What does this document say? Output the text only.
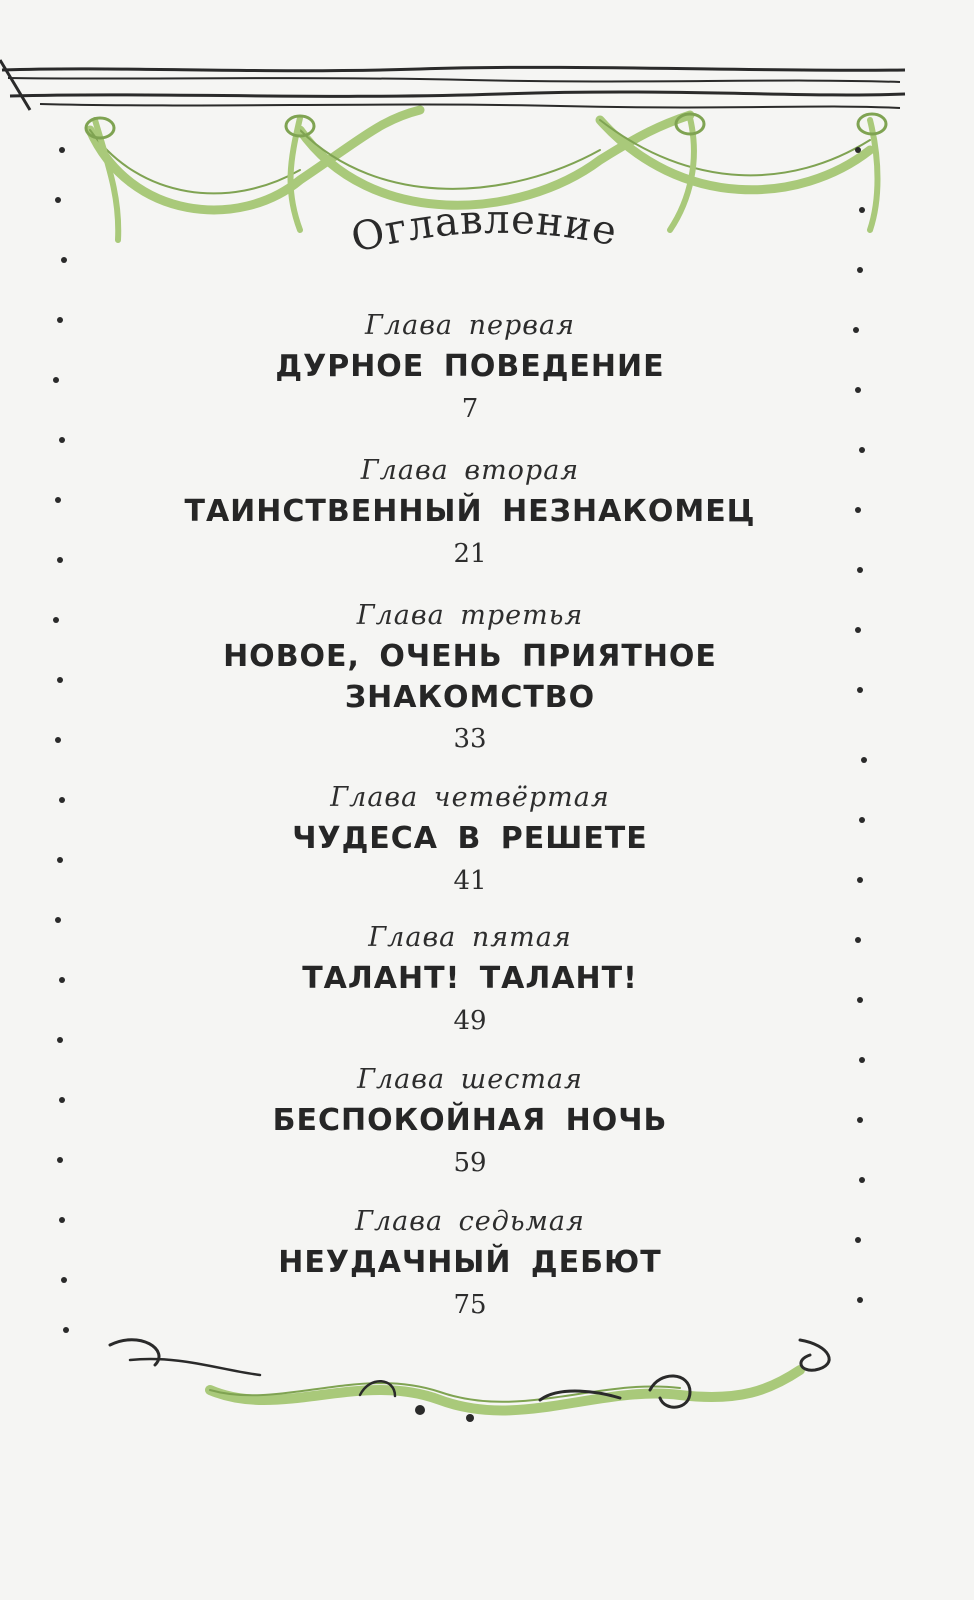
Оглавление
Глава первая
ДУРНОЕ ПОВЕДЕНИЕ
7
Глава вторая
ТАИНСТВЕННЫЙ НЕЗНАКОМЕЦ
21
Глава третья
НОВОЕ, ОЧЕНЬ ПРИЯТНОЕ ЗНАКОМСТВО
33
Глава четвёртая
ЧУДЕСА В РЕШЕТЕ
41
Глава пятая
ТАЛАНТ! ТАЛАНТ!
49
Глава шестая
БЕСПОКОЙНАЯ НОЧЬ
59
Глава седьмая
НЕУДАЧНЫЙ ДЕБЮТ
75
